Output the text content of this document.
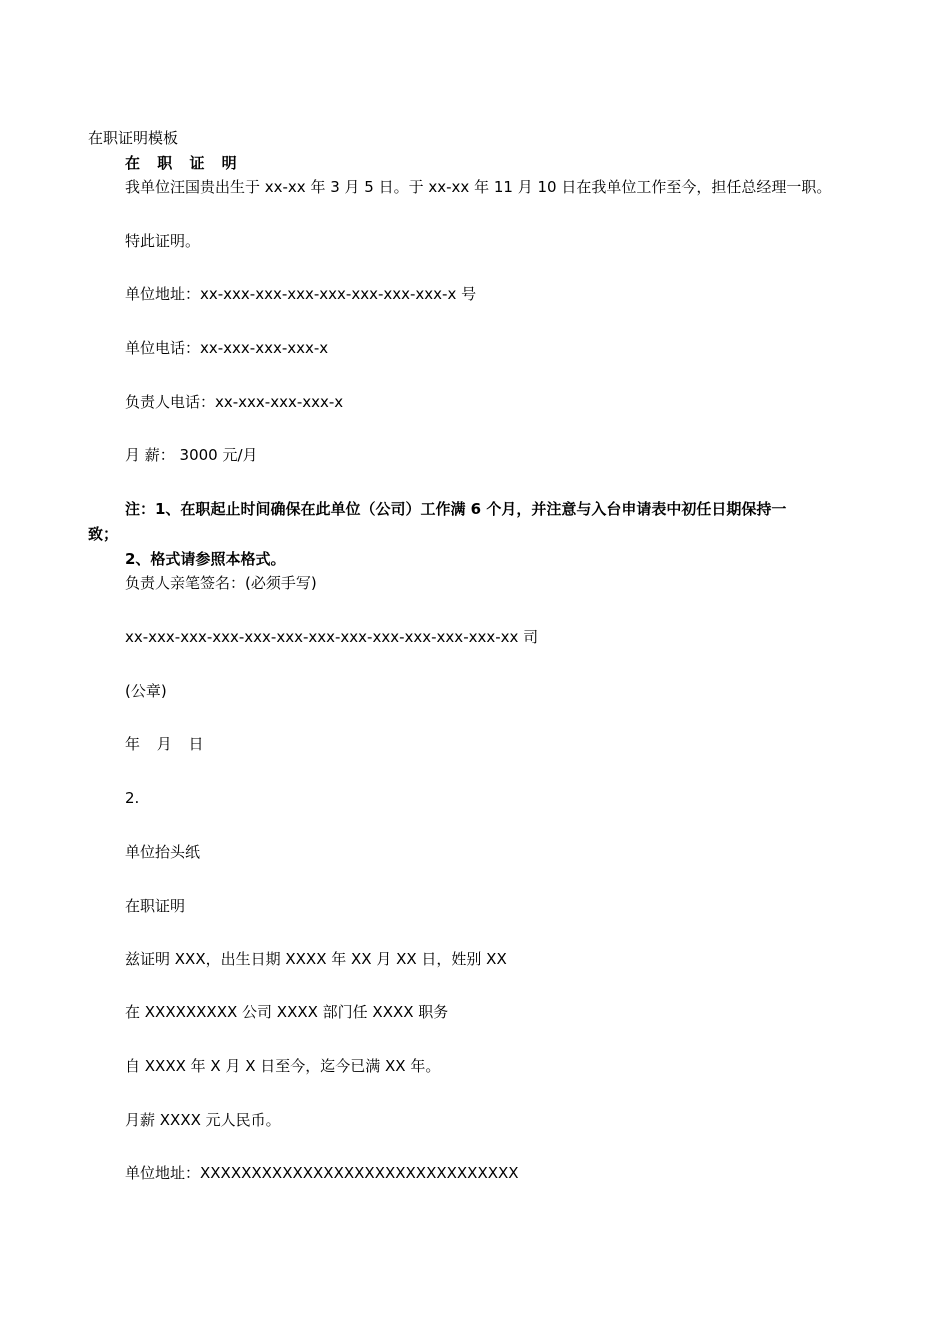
在职证明模板
在 职 证 明
我单位汪国贵出生于 xx-xx 年 3 月 5 日。于 xx-xx 年 11 月 10 日在我单位工作至今，担任总经理一职。
特此证明。
单位地址：xx-xxx-xxx-xxx-xxx-xxx-xxx-xxx-x 号
单位电话：xx-xxx-xxx-xxx-x
负责人电话：xx-xxx-xxx-xxx-x
月 薪： 3000 元/月
注：1、在职起止时间确保在此单位（公司）工作满 6 个月，并注意与入台申请表中初任日期保持一
致；
2、格式请参照本格式。
负责人亲笔签名：(必须手写)
xx-xxx-xxx-xxx-xxx-xxx-xxx-xxx-xxx-xxx-xxx-xxx-xx 司
(公章)
年 月 日
2.
单位抬头纸
在职证明
兹证明 XXX，出生日期 XXXX 年 XX 月 XX 日，姓别 XX
在 XXXXXXXXX 公司 XXXX 部门任 XXXX 职务
自 XXXX 年 X 月 X 日至今，迄今已满 XX 年。
月薪 XXXX 元人民币。
单位地址：XXXXXXXXXXXXXXXXXXXXXXXXXXXXXXX
